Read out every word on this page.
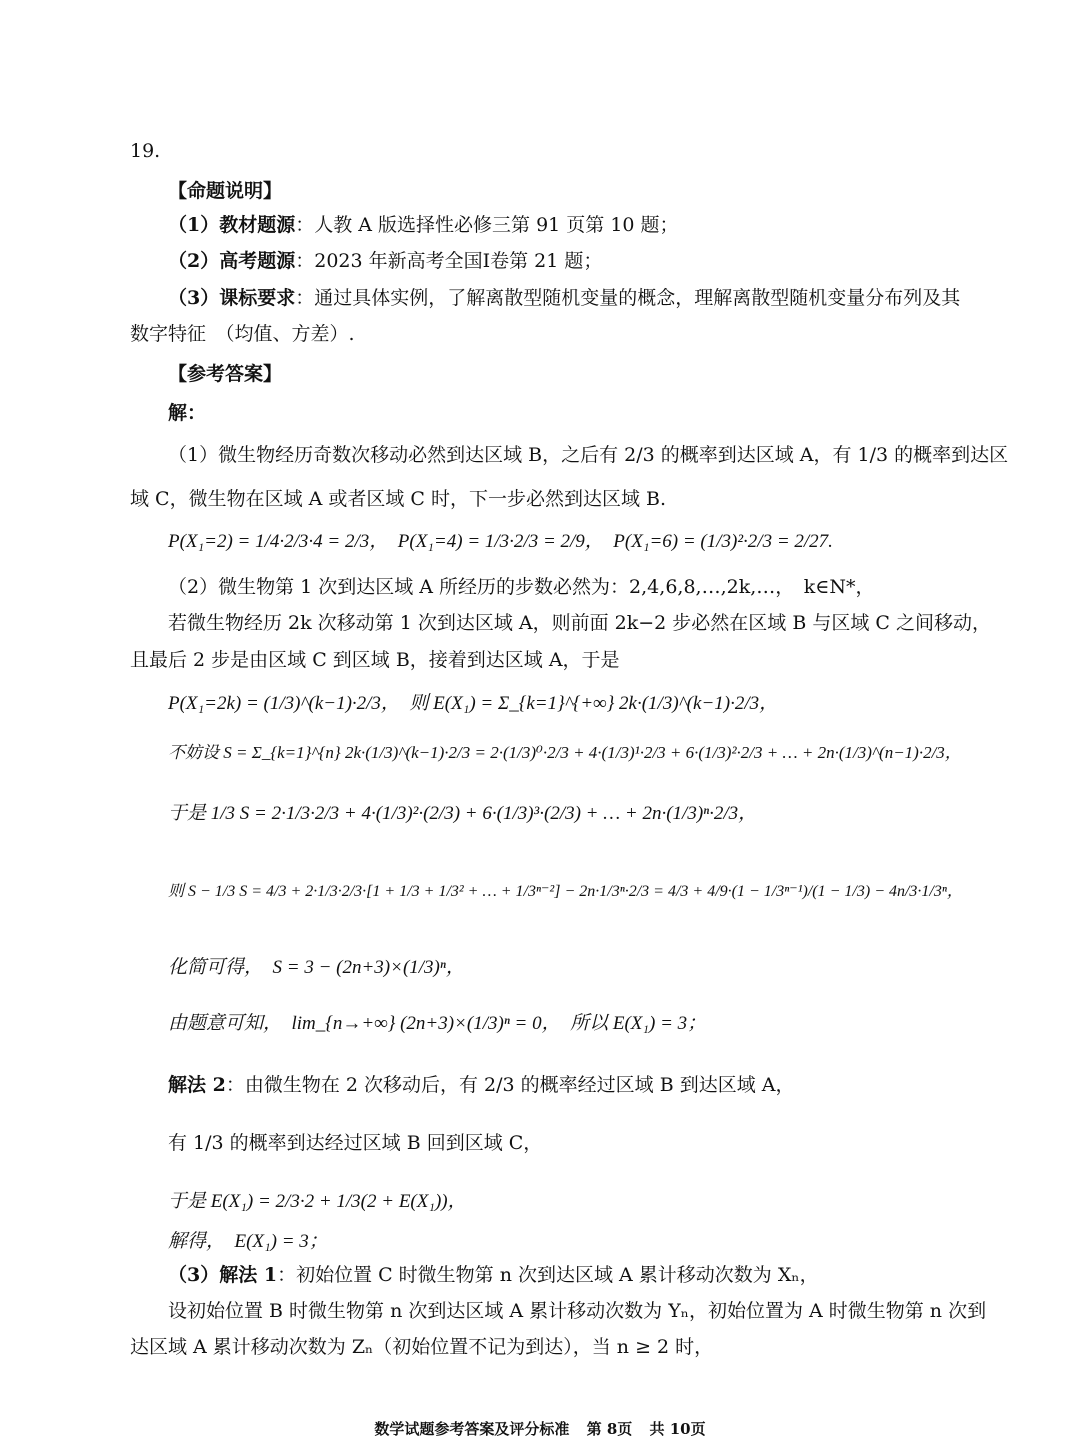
19.
【命题说明】
（1）教材题源：人教 A 版选择性必修三第 91 页第 10 题；
（2）高考题源：2023 年新高考全国Ⅰ卷第 21 题；
（3）课标要求：通过具体实例，了解离散型随机变量的概念，理解离散型随机变量分布列及其
数字特征　（均值、方差）.
【参考答案】
解：
（1）微生物经历奇数次移动必然到达区域 B，之后有 2/3 的概率到达区域 A，有 1/3 的概率到达区
域 C，微生物在区域 A 或者区域 C 时，下一步必然到达区域 B.
P(X₁=2) = 1/4·2/3·4 = 2/3，　P(X₁=4) = 1/3·2/3 = 2/9，　P(X₁=6) = (1/3)²·2/3 = 2/27.
（2）微生物第 1 次到达区域 A 所经历的步数必然为：2,4,6,8,…,2k,…，　k∈N*，
若微生物经历 2k 次移动第 1 次到达区域 A，则前面 2k−2 步必然在区域 B 与区域 C 之间移动，
且最后 2 步是由区域 C 到区域 B，接着到达区域 A，于是
P(X₁=2k) = (1/3)^(k−1)·2/3，　则 E(X₁) = Σ_{k=1}^{+∞} 2k·(1/3)^(k−1)·2/3，
不妨设 S = Σ_{k=1}^{n} 2k·(1/3)^(k−1)·2/3 = 2·(1/3)⁰·2/3 + 4·(1/3)¹·2/3 + 6·(1/3)²·2/3 + … + 2n·(1/3)^(n−1)·2/3，
于是 1/3 S = 2·1/3·2/3 + 4·(1/3)²·(2/3) + 6·(1/3)³·(2/3) + … + 2n·(1/3)ⁿ·2/3，
则 S − 1/3 S = 4/3 + 2·1/3·2/3·[1 + 1/3 + 1/3² + … + 1/3ⁿ⁻²] − 2n·1/3ⁿ·2/3 = 4/3 + 4/9·(1 − 1/3ⁿ⁻¹)/(1 − 1/3) − 4n/3·1/3ⁿ，
化简可得，　S = 3 − (2n+3)×(1/3)ⁿ，
由题意可知，　lim_{n→+∞} (2n+3)×(1/3)ⁿ = 0，　所以 E(X₁) = 3；
解法 2：由微生物在 2 次移动后，有 2/3 的概率经过区域 B 到达区域 A，
有 1/3 的概率到达经过区域 B 回到区域 C，
于是 E(X₁) = 2/3·2 + 1/3(2 + E(X₁))，
解得，　E(X₁) = 3；
（3）解法 1：初始位置 C 时微生物第 n 次到达区域 A 累计移动次数为 Xₙ，
设初始位置 B 时微生物第 n 次到达区域 A 累计移动次数为 Yₙ，初始位置为 A 时微生物第 n 次到
达区域 A 累计移动次数为 Zₙ（初始位置不记为到达），当 n ≥ 2 时，
数学试题参考答案及评分标准 第 8页 共 10页
